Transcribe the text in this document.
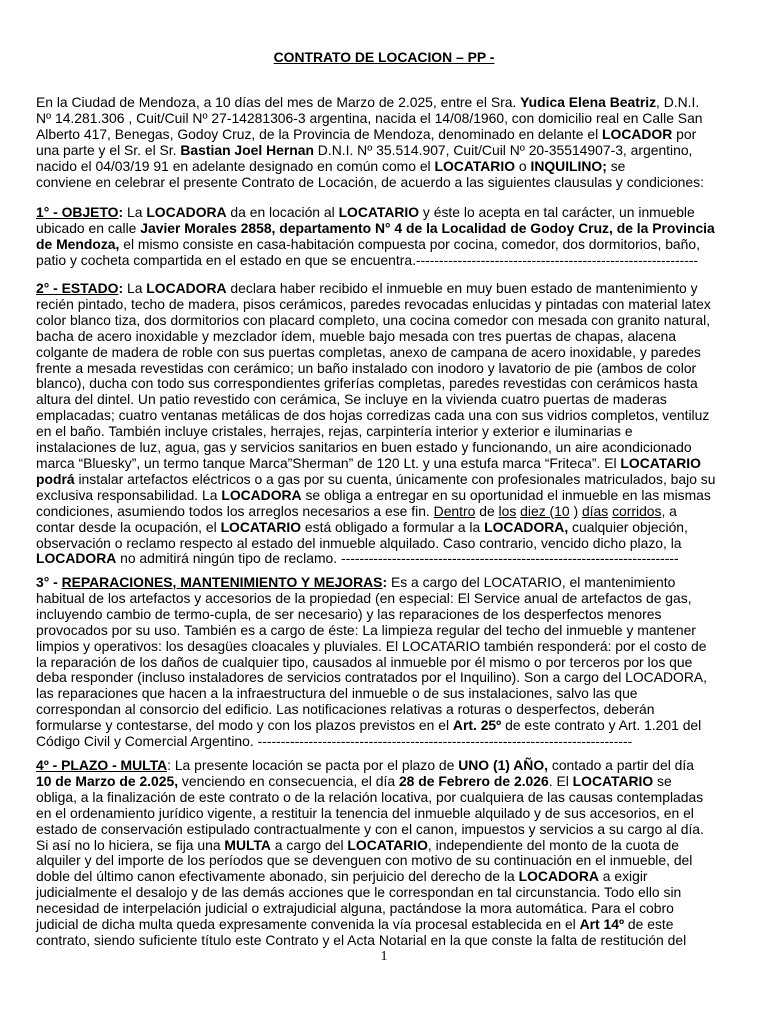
CONTRATO DE LOCACION – PP -

En la Ciudad de Mendoza, a 10 días del mes de Marzo de 2.025, entre el Sra. Yudica Elena Beatriz, D.N.I.
Nº 14.281.306 , Cuit/Cuil Nº 27-14281306-3 argentina, nacida el 14/08/1960, con domicilio real en Calle San
Alberto 417, Benegas, Godoy Cruz, de la Provincia de Mendoza, denominado en delante el LOCADOR por
una parte y el Sr. el Sr. Bastian Joel Hernan D.N.I. Nº 35.514.907, Cuit/Cuil Nº 20-35514907-3, argentino,
nacido el 04/03/19 91 en adelante designado en común como el LOCATARIO o INQUILINO; se
conviene en celebrar el presente Contrato de Locación, de acuerdo a las siguientes clausulas y condiciones:

1° - OBJETO: La LOCADORA da en locación al LOCATARIO y éste lo acepta en tal carácter, un inmueble
ubicado en calle Javier Morales 2858, departamento N° 4 de la Localidad de Godoy Cruz, de la Provincia
de Mendoza, el mismo consiste en casa-habitación compuesta por cocina, comedor, dos dormitorios, baño,
patio y cocheta compartida en el estado en que se encuentra.-------------------------------------------------------------

2° - ESTADO: La LOCADORA declara haber recibido el inmueble en muy buen estado de mantenimiento y
recién pintado, techo de madera, pisos cerámicos, paredes revocadas enlucidas y pintadas con material latex
color blanco tiza, dos dormitorios con placard completo, una cocina comedor con mesada con granito natural,
bacha de acero inoxidable y mezclador ídem, mueble bajo mesada con tres puertas de chapas, alacena
colgante de madera de roble con sus puertas completas, anexo de campana de acero inoxidable, y paredes
frente a mesada revestidas con cerámico; un baño instalado con inodoro y lavatorio de pie (ambos de color
blanco), ducha con todo sus correspondientes griferías completas, paredes revestidas con cerámicos hasta
altura del dintel. Un patio revestido con cerámica, Se incluye en la vivienda cuatro puertas de maderas
emplacadas; cuatro ventanas metálicas de dos hojas corredizas cada una con sus vidrios completos, ventiluz
en el baño. También incluye cristales, herrajes, rejas, carpintería interior y exterior e iluminarias e
instalaciones de luz, agua, gas y servicios sanitarios en buen estado y funcionando, un aire acondicionado
marca “Bluesky”, un termo tanque Marca”Sherman” de 120 Lt. y una estufa marca “Friteca”. El LOCATARIO
podrá instalar artefactos eléctricos o a gas por su cuenta, únicamente con profesionales matriculados, bajo su
exclusiva responsabilidad. La LOCADORA se obliga a entregar en su oportunidad el inmueble en las mismas
condiciones, asumiendo todos los arreglos necesarios a ese fin. Dentro de los diez (10 ) días corridos, a
contar desde la ocupación, el LOCATARIO está obligado a formular a la LOCADORA, cualquier objeción,
observación o reclamo respecto al estado del inmueble alquilado. Caso contrario, vencido dicho plazo, la
LOCADORA no admitirá ningún tipo de reclamo. -------------------------------------------------------------------------

3° - REPARACIONES, MANTENIMIENTO Y MEJORAS: Es a cargo del LOCATARIO, el mantenimiento
habitual de los artefactos y accesorios de la propiedad (en especial: El Service anual de artefactos de gas,
incluyendo cambio de termo-cupla, de ser necesario) y las reparaciones de los desperfectos menores
provocados por su uso. También es a cargo de éste: La limpieza regular del techo del inmueble y mantener
limpios y operativos: los desagües cloacales y pluviales. El LOCATARIO también responderá: por el costo de
la reparación de los daños de cualquier tipo, causados al inmueble por él mismo o por terceros por los que
deba responder (incluso instaladores de servicios contratados por el Inquilino). Son a cargo del LOCADORA,
las reparaciones que hacen a la infraestructura del inmueble o de sus instalaciones, salvo las que
correspondan al consorcio del edificio. Las notificaciones relativas a roturas o desperfectos, deberán
formularse y contestarse, del modo y con los plazos previstos en el Art. 25º de este contrato y Art. 1.201 del
Código Civil y Comercial Argentino. ---------------------------------------------------------------------------------

4º - PLAZO - MULTA: La presente locación se pacta por el plazo de UNO (1) AÑO, contado a partir del día
10 de Marzo de 2.025, venciendo en consecuencia, el día 28 de Febrero de 2.026. El LOCATARIO se
obliga, a la finalización de este contrato o de la relación locativa, por cualquiera de las causas contempladas
en el ordenamiento jurídico vigente, a restituir la tenencia del inmueble alquilado y de sus accesorios, en el
estado de conservación estipulado contractualmente y con el canon, impuestos y servicios a su cargo al día.
Si así no lo hiciera, se fija una MULTA a cargo del LOCATARIO, independiente del monto de la cuota de
alquiler y del importe de los períodos que se devenguen con motivo de su continuación en el inmueble, del
doble del último canon efectivamente abonado, sin perjuicio del derecho de la LOCADORA a exigir
judicialmente el desalojo y de las demás acciones que le correspondan en tal circunstancia. Todo ello sin
necesidad de interpelación judicial o extrajudicial alguna, pactándose la mora automática. Para el cobro
judicial de dicha multa queda expresamente convenida la vía procesal establecida en el Art 14º de este
contrato, siendo suficiente título este Contrato y el Acta Notarial en la que conste la falta de restitución del

1
